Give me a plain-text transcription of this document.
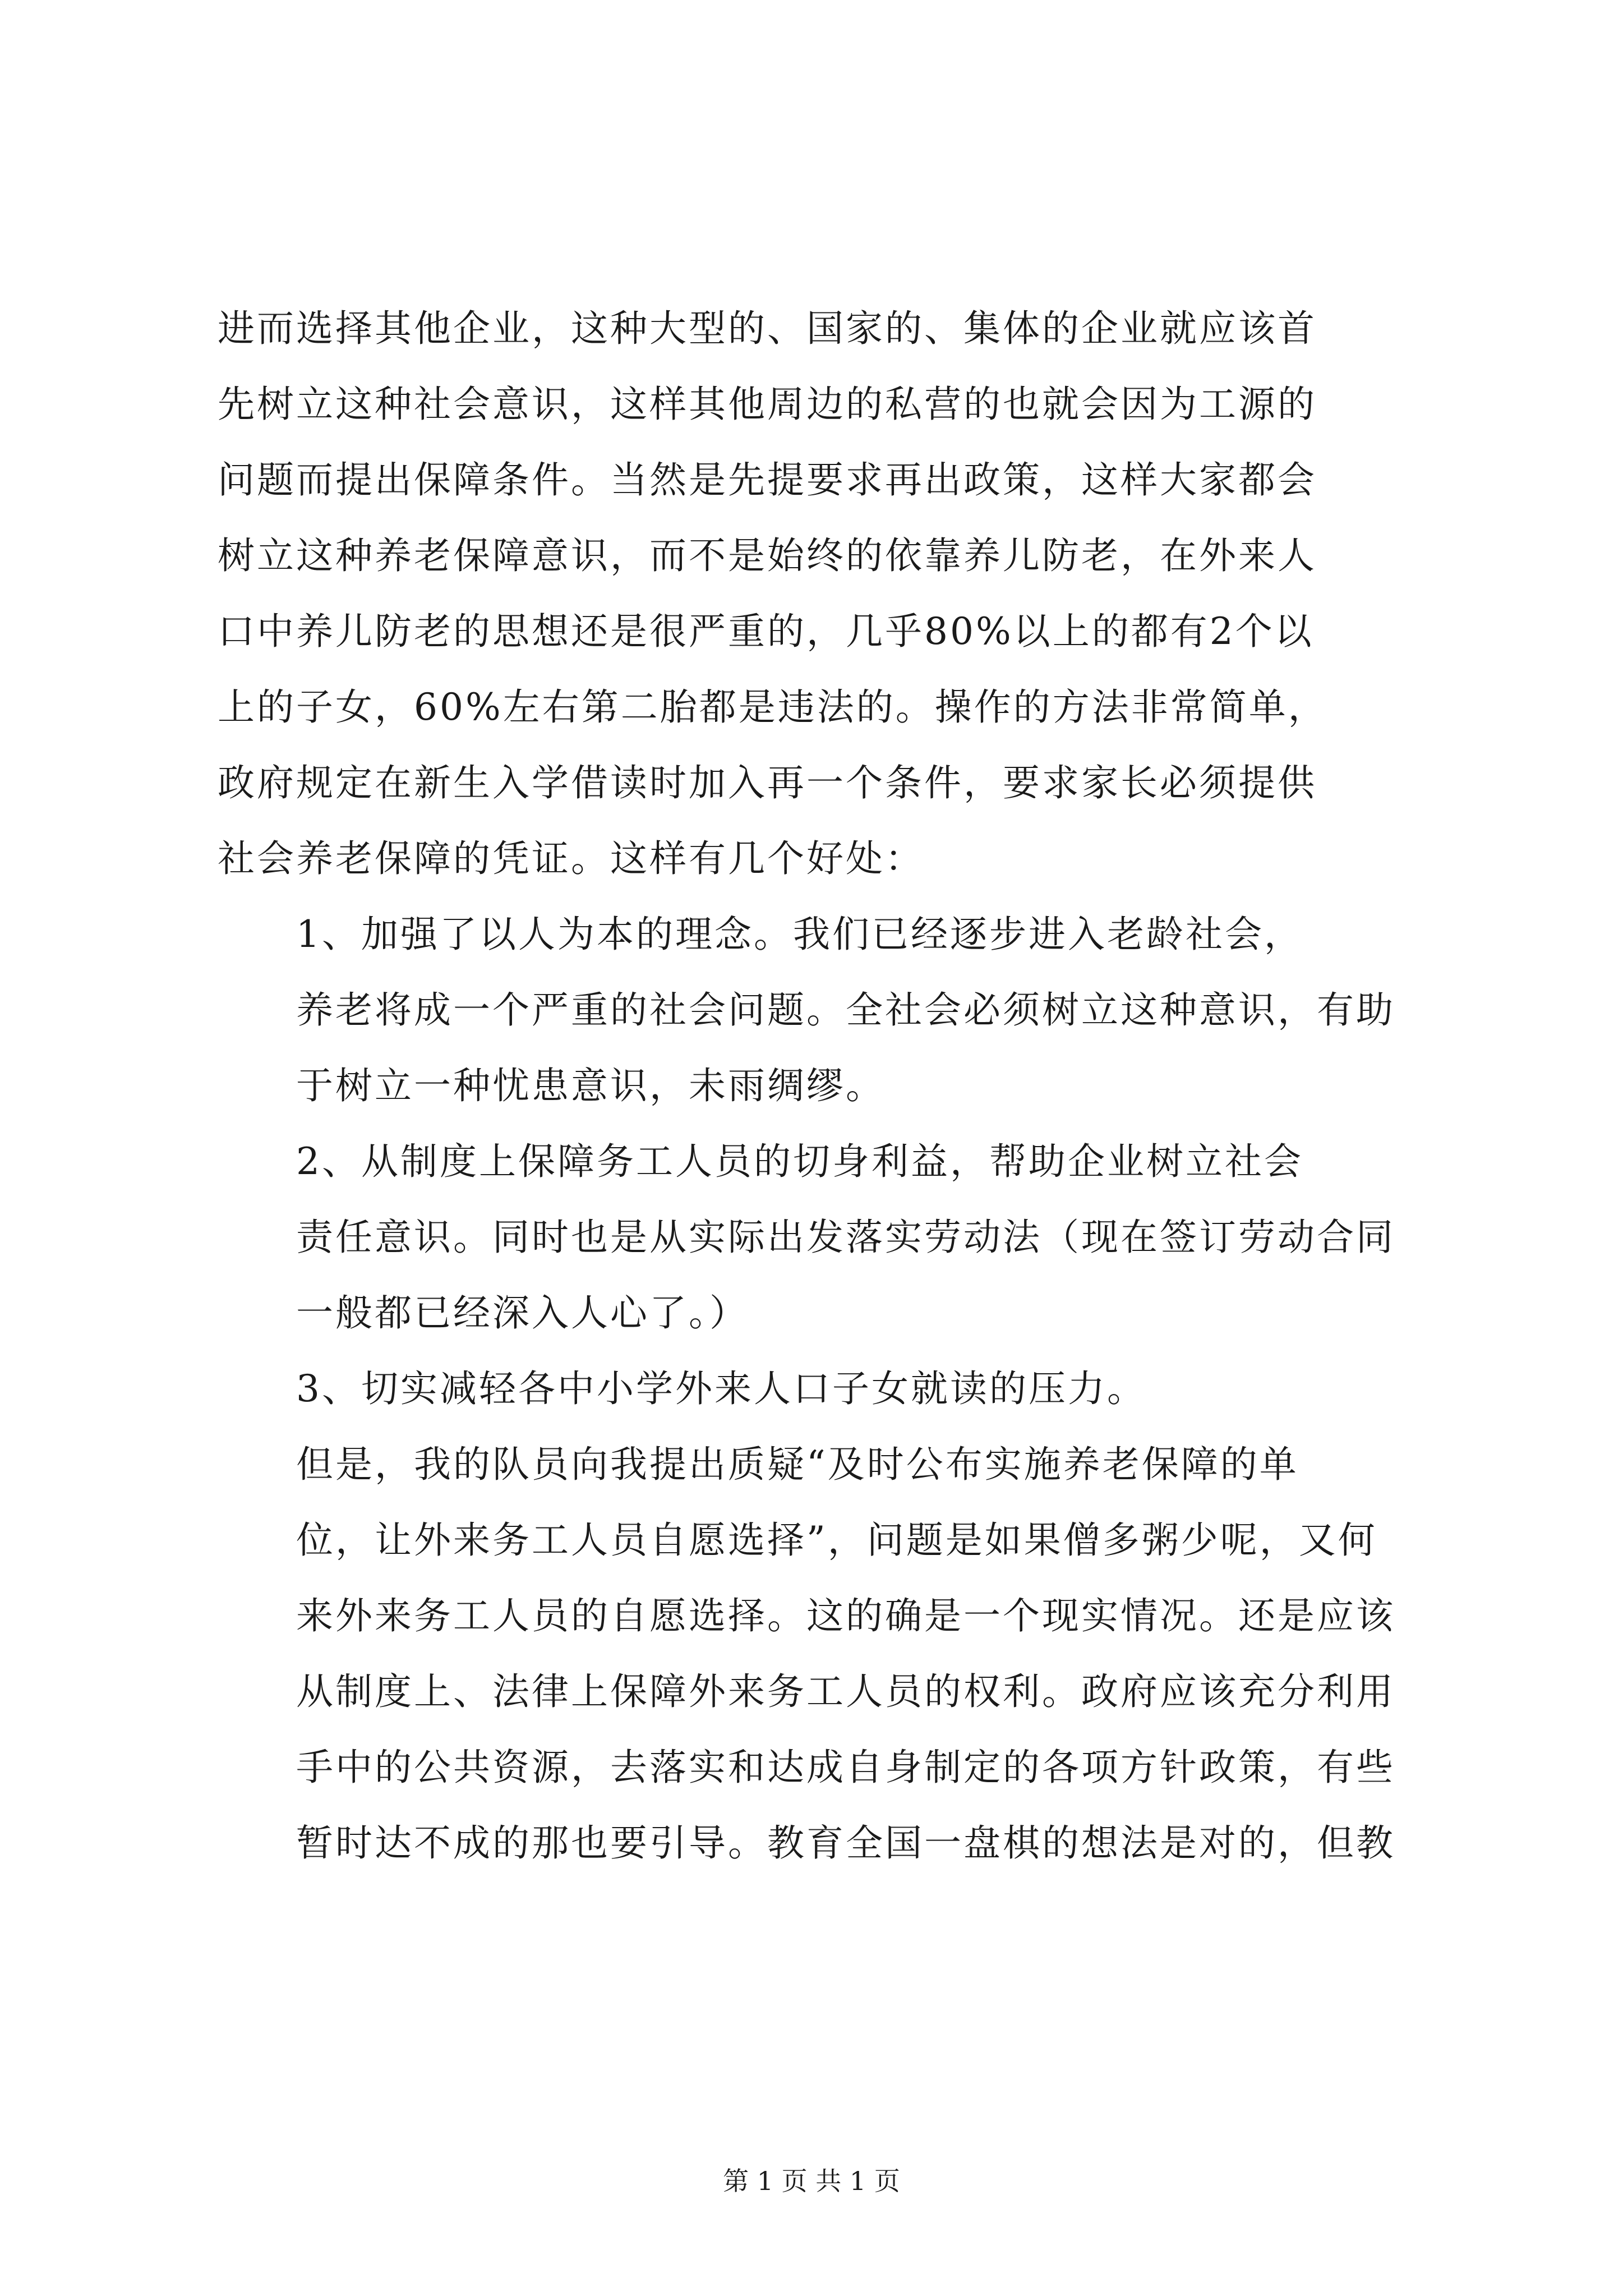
进而选择其他企业，这种大型的、国家的、集体的企业就应该首
先树立这种社会意识，这样其他周边的私营的也就会因为工源的
问题而提出保障条件。当然是先提要求再出政策，这样大家都会
树立这种养老保障意识，而不是始终的依靠养儿防老，在外来人
口中养儿防老的思想还是很严重的，几乎80%以上的都有2个以
上的子女，60%左右第二胎都是违法的。操作的方法非常简单，
政府规定在新生入学借读时加入再一个条件，要求家长必须提供
社会养老保障的凭证。这样有几个好处：

1、加强了以人为本的理念。我们已经逐步进入老龄社会，
养老将成一个严重的社会问题。全社会必须树立这种意识，有助
于树立一种忧患意识，未雨绸缪。

2、从制度上保障务工人员的切身利益，帮助企业树立社会
责任意识。同时也是从实际出发落实劳动法（现在签订劳动合同
一般都已经深入人心了。）

3、切实减轻各中小学外来人口子女就读的压力。

但是，我的队员向我提出质疑“及时公布实施养老保障的单
位，让外来务工人员自愿选择”，问题是如果僧多粥少呢，又何
来外来务工人员的自愿选择。这的确是一个现实情况。还是应该
从制度上、法律上保障外来务工人员的权利。政府应该充分利用
手中的公共资源，去落实和达成自身制定的各项方针政策，有些
暂时达不成的那也要引导。教育全国一盘棋的想法是对的，但教

第 1 页 共 1 页
